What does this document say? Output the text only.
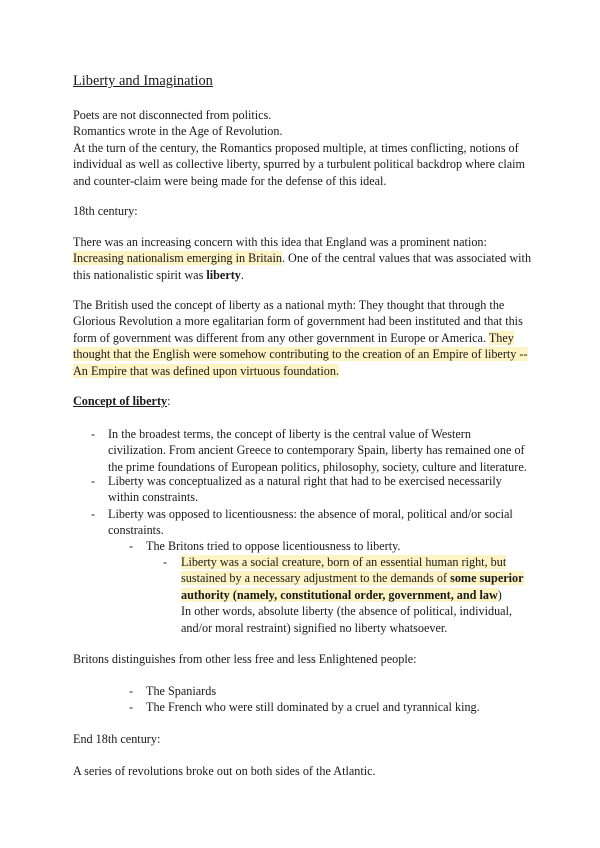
Liberty and Imagination
Poets are not disconnected from politics.
Romantics wrote in the Age of Revolution.
At the turn of the century, the Romantics proposed multiple, at times conflicting, notions of individual as well as collective liberty, spurred by a turbulent political backdrop where claim and counter-claim were being made for the defense of this ideal.
18th century:
There was an increasing concern with this idea that England was a prominent nation:
Increasing nationalism emerging in Britain. One of the central values that was associated with this nationalistic spirit was liberty.
The British used the concept of liberty as a national myth: They thought that through the Glorious Revolution a more egalitarian form of government had been instituted and that this form of government was different from any other government in Europe or America. They thought that the English were somehow contributing to the creation of an Empire of liberty -- An Empire that was defined upon virtuous foundation.
Concept of liberty:
- In the broadest terms, the concept of liberty is the central value of Western civilization. From ancient Greece to contemporary Spain, liberty has remained one of the prime foundations of European politics, philosophy, society, culture and literature.
- Liberty was conceptualized as a natural right that had to be exercised necessarily within constraints.
- Liberty was opposed to licentiousness: the absence of moral, political and/or social constraints.
- The Britons tried to oppose licentiousness to liberty.
- Liberty was a social creature, born of an essential human right, but sustained by a necessary adjustment to the demands of some superior authority (namely, constitutional order, government, and law)
In other words, absolute liberty (the absence of political, individual, and/or moral restraint) signified no liberty whatsoever.
Britons distinguishes from other less free and less Enlightened people:
- The Spaniards
- The French who were still dominated by a cruel and tyrannical king.
End 18th century:
A series of revolutions broke out on both sides of the Atlantic.
